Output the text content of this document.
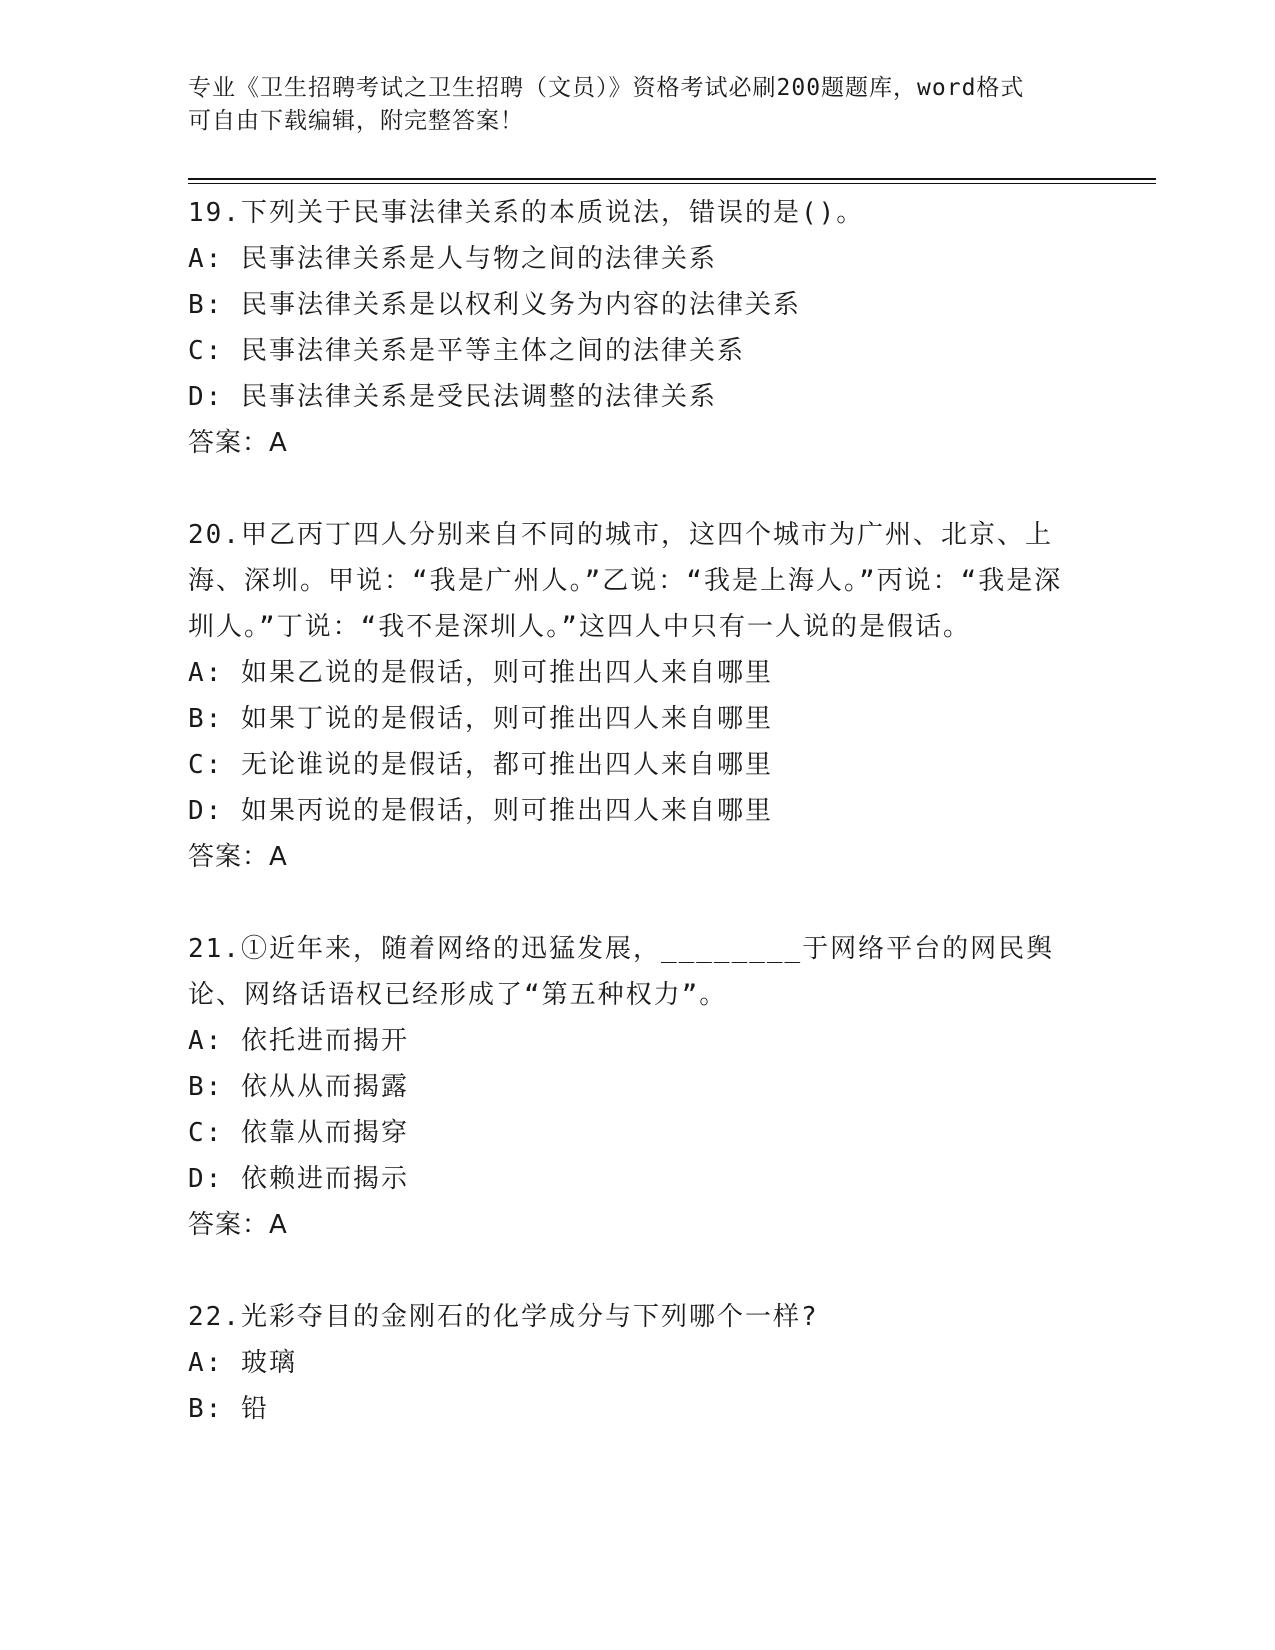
专业《卫生招聘考试之卫生招聘（文员）》资格考试必刷200题题库，word格式
可自由下载编辑，附完整答案！
19.下列关于民事法律关系的本质说法，错误的是()。
A: 民事法律关系是人与物之间的法律关系
B: 民事法律关系是以权利义务为内容的法律关系
C: 民事法律关系是平等主体之间的法律关系
D: 民事法律关系是受民法调整的法律关系
答案：A
20.甲乙丙丁四人分别来自不同的城市，这四个城市为广州、北京、上海、深圳。甲说：“我是广州人。”乙说：“我是上海人。”丙说：“我是深圳人。”丁说：“我不是深圳人。”这四人中只有一人说的是假话。
A: 如果乙说的是假话，则可推出四人来自哪里
B: 如果丁说的是假话，则可推出四人来自哪里
C: 无论谁说的是假话，都可推出四人来自哪里
D: 如果丙说的是假话，则可推出四人来自哪里
答案：A
21.①近年来，随着网络的迅猛发展，________于网络平台的网民舆论、网络话语权已经形成了“第五种权力”。
A: 依托进而揭开
B: 依从从而揭露
C: 依靠从而揭穿
D: 依赖进而揭示
答案：A
22.光彩夺目的金刚石的化学成分与下列哪个一样?
A: 玻璃
B: 铅
